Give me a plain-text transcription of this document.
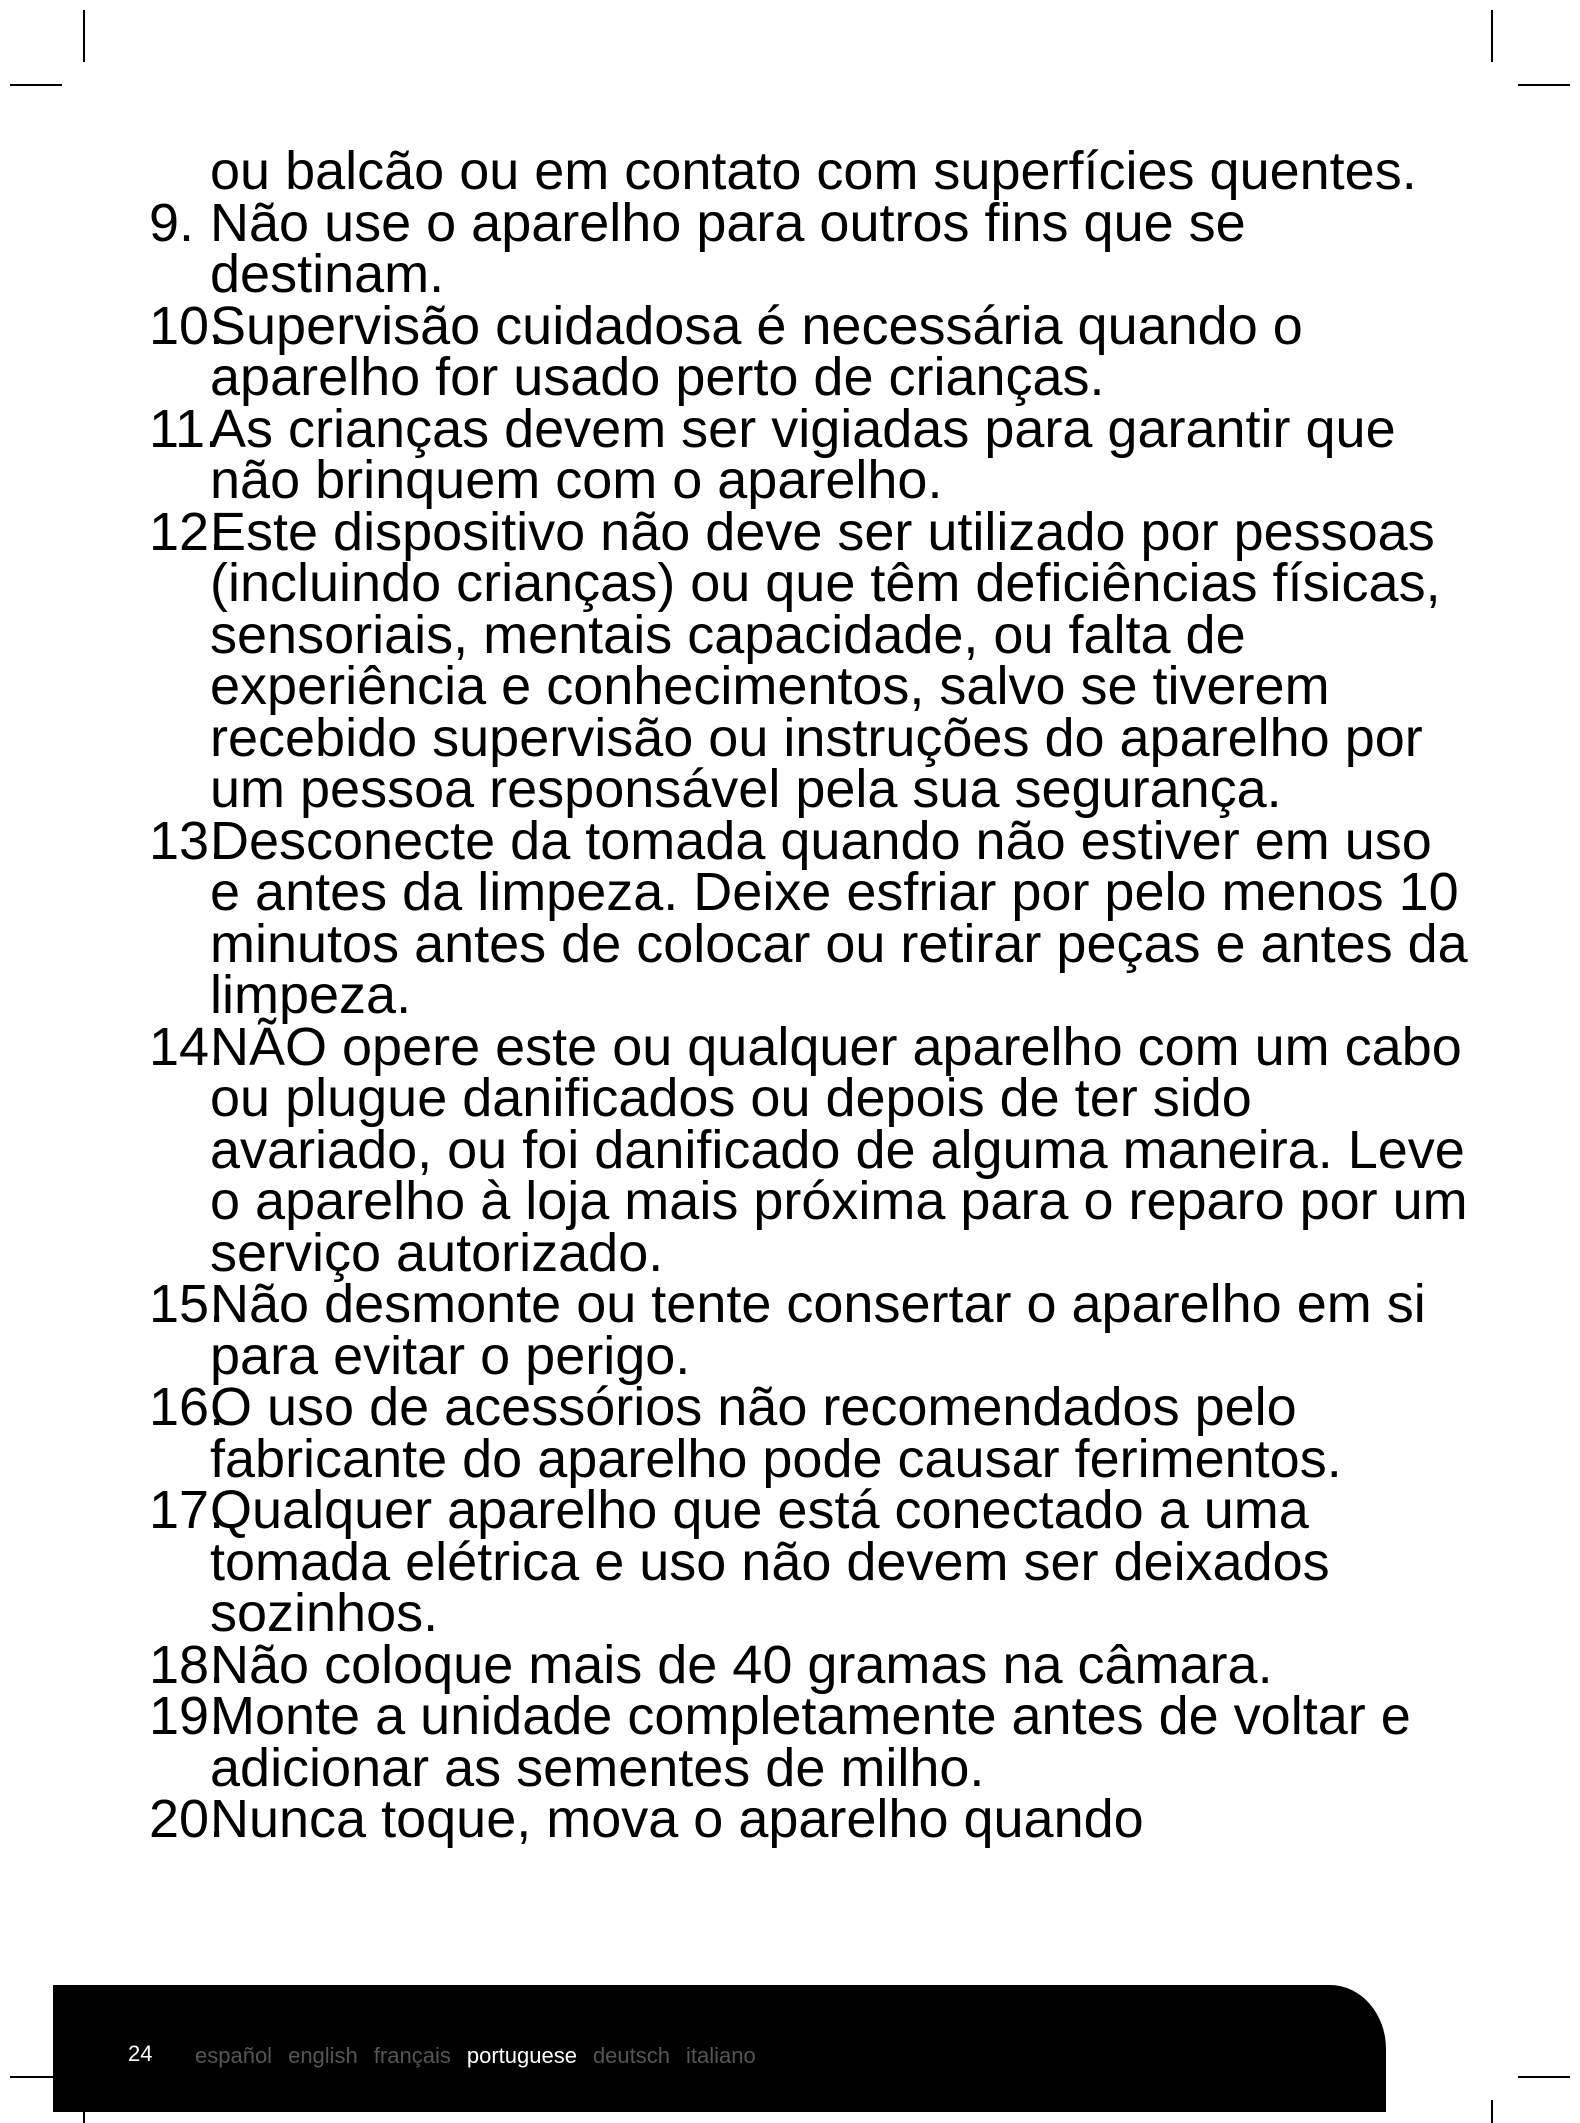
ou balcão ou em contato com superfícies quentes.
9. Não use o aparelho para outros fins que se destinam.
10.
Supervisão cuidadosa é necessária quando o aparelho for usado perto de crianças.
11.
As crianças devem ser vigiadas para garantir que não brinquem com o aparelho.
12.
Este dispositivo não deve ser utilizado por pessoas (incluindo crianças) ou que têm deficiências físicas, sensoriais, mentais capacidade, ou falta de experiência e conhecimentos, salvo se tiverem recebido supervisão ou instruções do aparelho por um pessoa responsável pela sua segurança.
13.
Desconecte da tomada quando não estiver em uso e antes da limpeza. Deixe esfriar por pelo menos 10 minutos antes de colocar ou retirar peças e antes da limpeza.
14.
NÃO opere este ou qualquer aparelho com um cabo ou plugue danificados ou depois de ter sido avariado, ou foi danificado de alguma maneira. Leve o aparelho à loja mais próxima para o reparo por um serviço autorizado.
15.
Não desmonte ou tente consertar o aparelho em si para evitar o perigo.
16.
O uso de acessórios não recomendados pelo fabricante do aparelho pode causar ferimentos.
17.
Qualquer aparelho que está conectado a uma tomada elétrica e uso não devem ser deixados sozinhos.
18.
Não coloque mais de 40 gramas na câmara.
19.
Monte a unidade completamente antes de voltar e adicionar as sementes de milho.
20.
Nunca toque, mova o aparelho quando
24 español english français portuguese deutsch italiano
